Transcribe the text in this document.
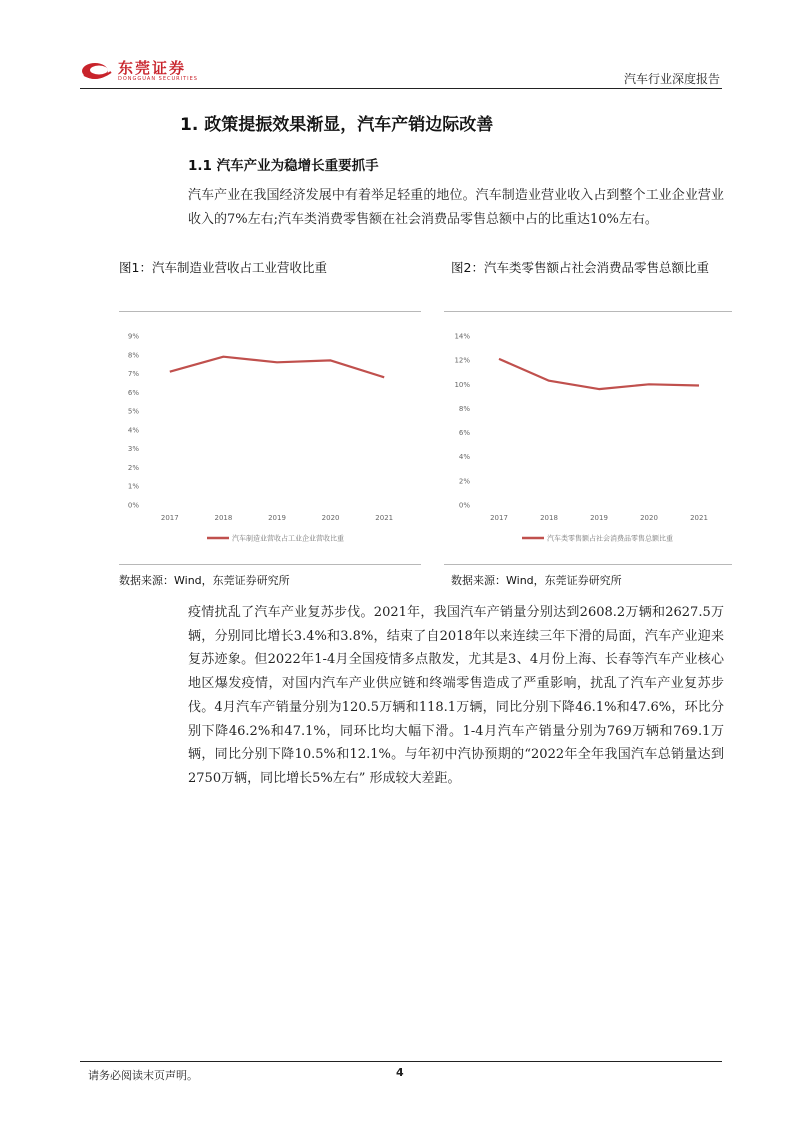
东莞证券
DONGGUAN SECURITIES	汽车行业深度报告
1. 政策提振效果渐显，汽车产销边际改善
1.1 汽车产业为稳增长重要抓手
汽车产业在我国经济发展中有着举足轻重的地位。汽车制造业营业收入占到整个工业企业营业收入的7%左右;汽车类消费零售额在社会消费品零售总额中占的比重达10%左右。
图1：汽车制造业营收占工业营收比重
0%
1%
2%
3%
4%
5%
6%
7%
8%
9%
2017	2018	2019	2020	2021
汽车制造业营收占工业企业营收比重
数据来源：Wind，东莞证券研究所
图2：汽车类零售额占社会消费品零售总额比重
0%
2%
4%
6%
8%
10%
12%
14%
2017	2018	2019	2020	2021
汽车类零售额占社会消费品零售总额比重
数据来源：Wind，东莞证券研究所
疫情扰乱了汽车产业复苏步伐。2021年，我国汽车产销量分别达到2608.2万辆和2627.5万辆，分别同比增长3.4%和3.8%，结束了自2018年以来连续三年下滑的局面，汽车产业迎来复苏迹象。但2022年1-4月全国疫情多点散发，尤其是3、4月份上海、长春等汽车产业核心地区爆发疫情，对国内汽车产业供应链和终端零售造成了严重影响，扰乱了汽车产业复苏步伐。4月汽车产销量分别为120.5万辆和118.1万辆，同比分别下降46.1%和47.6%，环比分别下降46.2%和47.1%，同环比均大幅下滑。1-4月汽车产销量分别为769万辆和769.1万辆，同比分别下降10.5%和12.1%。与年初中汽协预期的“2022年全年我国汽车总销量达到2750万辆，同比增长5%左右” 形成较大差距。
请务必阅读末页声明。	4
